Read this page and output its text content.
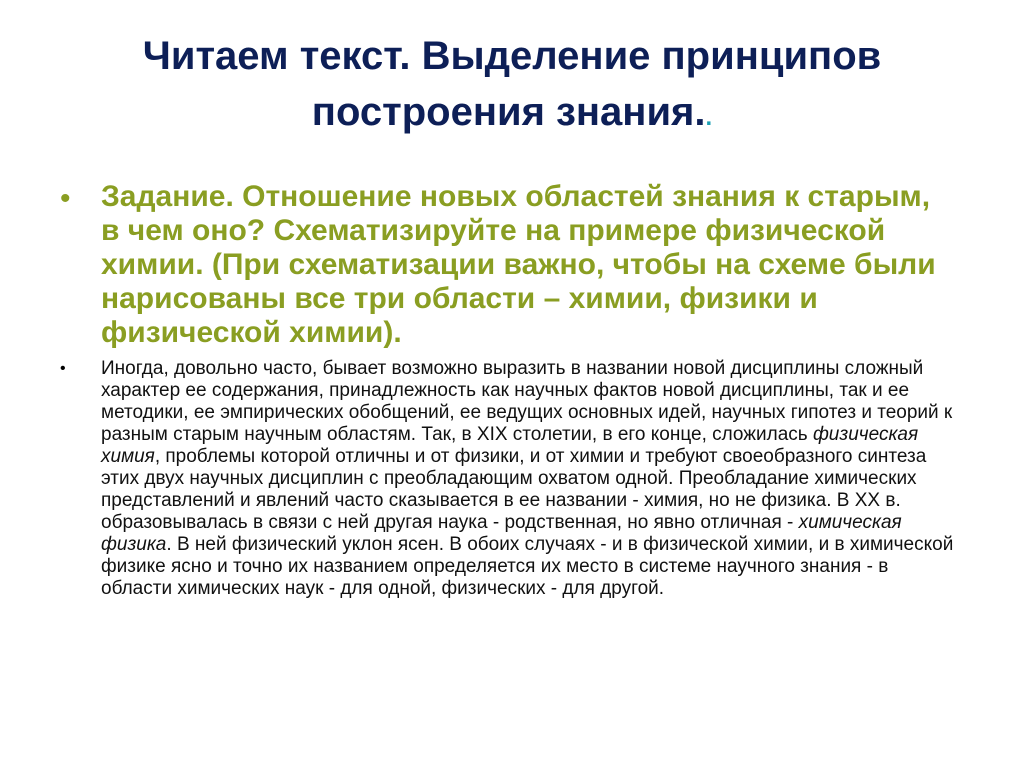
Читаем текст. Выделение принципов построения знания..
• Задание. Отношение новых областей знания к старым, в чем оно? Схематизируйте на примере физической химии. (При схематизации важно, чтобы на схеме были нарисованы все три области – химии, физики и физической химии).
• Иногда, довольно часто, бывает возможно выразить в названии новой дисциплины сложный характер ее содержания, принадлежность как научных фактов новой дисциплины, так и ее методики, ее эмпирических обобщений, ее ведущих основных идей, научных гипотез и теорий к разным старым научным областям. Так, в XIX столетии, в его конце, сложилась физическая химия, проблемы которой отличны и от физики, и от химии и требуют своеобразного синтеза этих двух научных дисциплин с преобладающим охватом одной. Преобладание химических представлений и явлений часто сказывается в ее названии - химия, но не физика. В XX в. образовывалась в связи с ней другая наука - родственная, но явно отличная - химическая физика. В ней физический уклон ясен. В обоих случаях - и в физической химии, и в химической физике ясно и точно их названием определяется их место в системе научного знания - в области химических наук - для одной, физических - для другой.
